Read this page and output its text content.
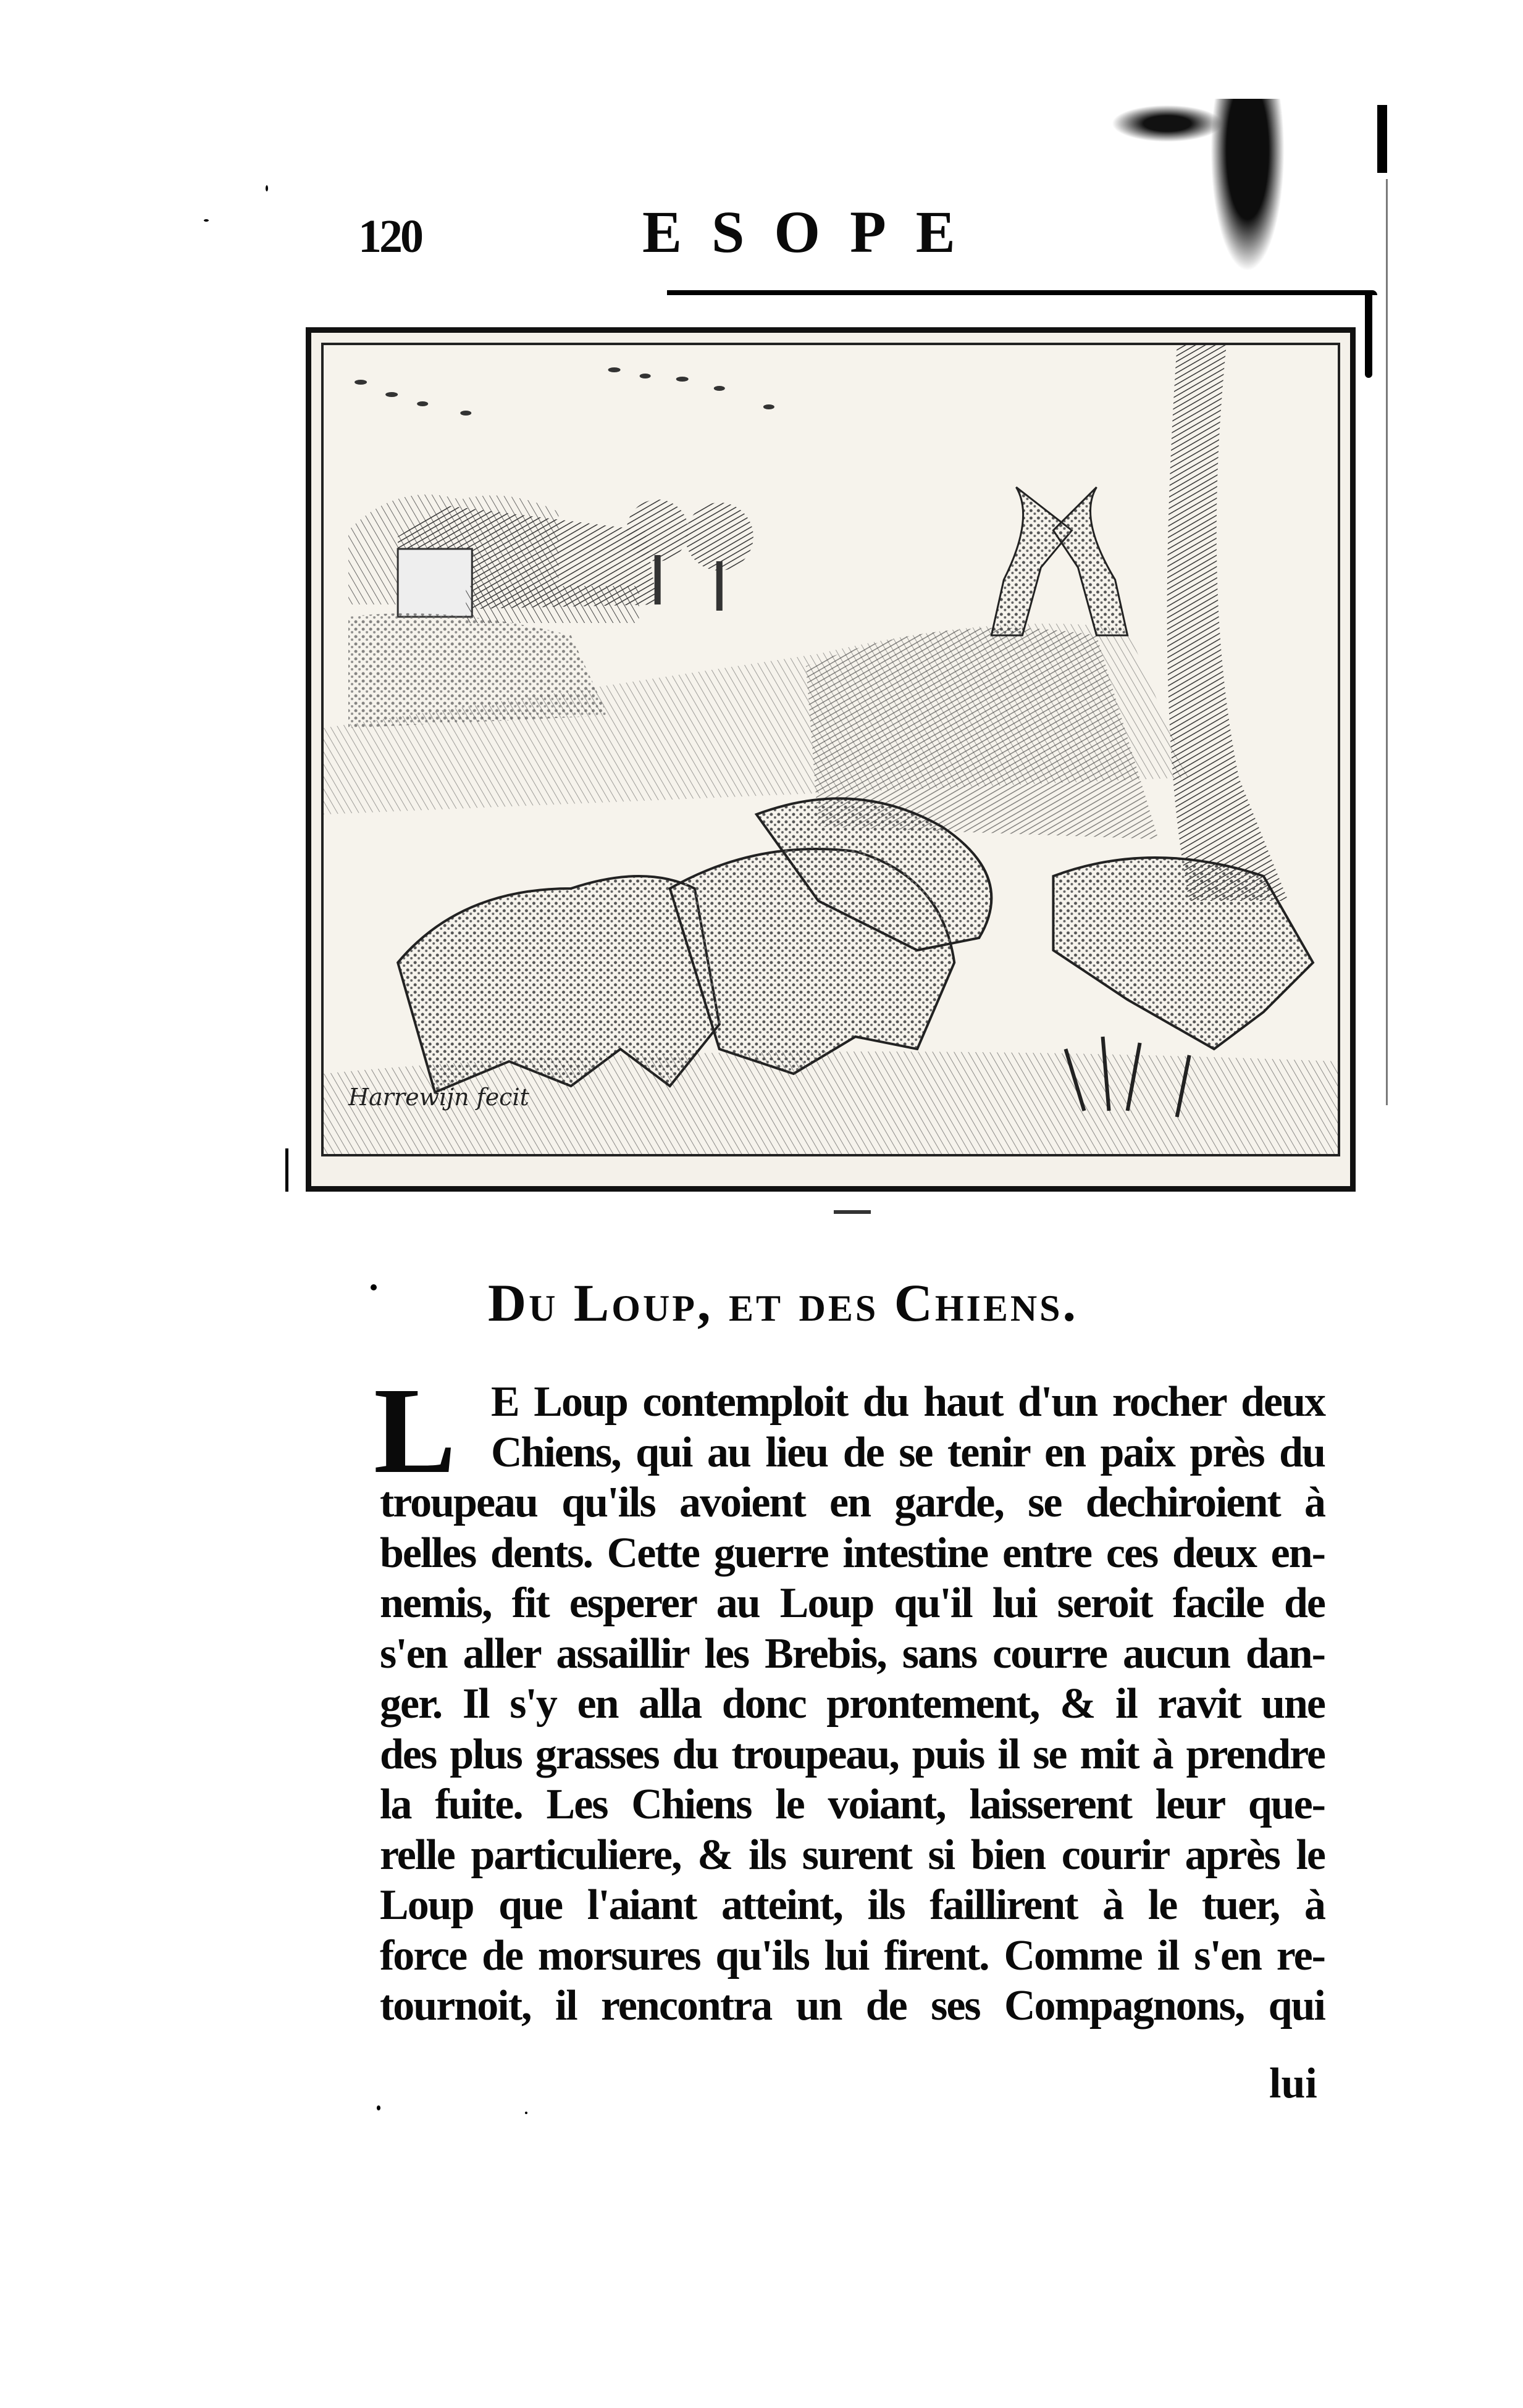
120	ESOPE
Harrewijn fecit
Du Loup, et des Chiens.
L E Loup contemploit du haut d'un rocher deux
Chiens, qui au lieu de se tenir en paix près du
troupeau qu'ils avoient en garde, se dechiroient à
belles dents. Cette guerre intestine entre ces deux en-
nemis, fit esperer au Loup qu'il lui seroit facile de
s'en aller assaillir les Brebis, sans courre aucun dan-
ger. Il s'y en alla donc prontement, & il ravit une
des plus grasses du troupeau, puis il se mit à prendre
la fuite. Les Chiens le voiant, laisserent leur que-
relle particuliere, & ils surent si bien courir après le
Loup que l'aiant atteint, ils faillirent à le tuer, à
force de morsures qu'ils lui firent. Comme il s'en re-
tournoit, il rencontra un de ses Compagnons, qui
lui
